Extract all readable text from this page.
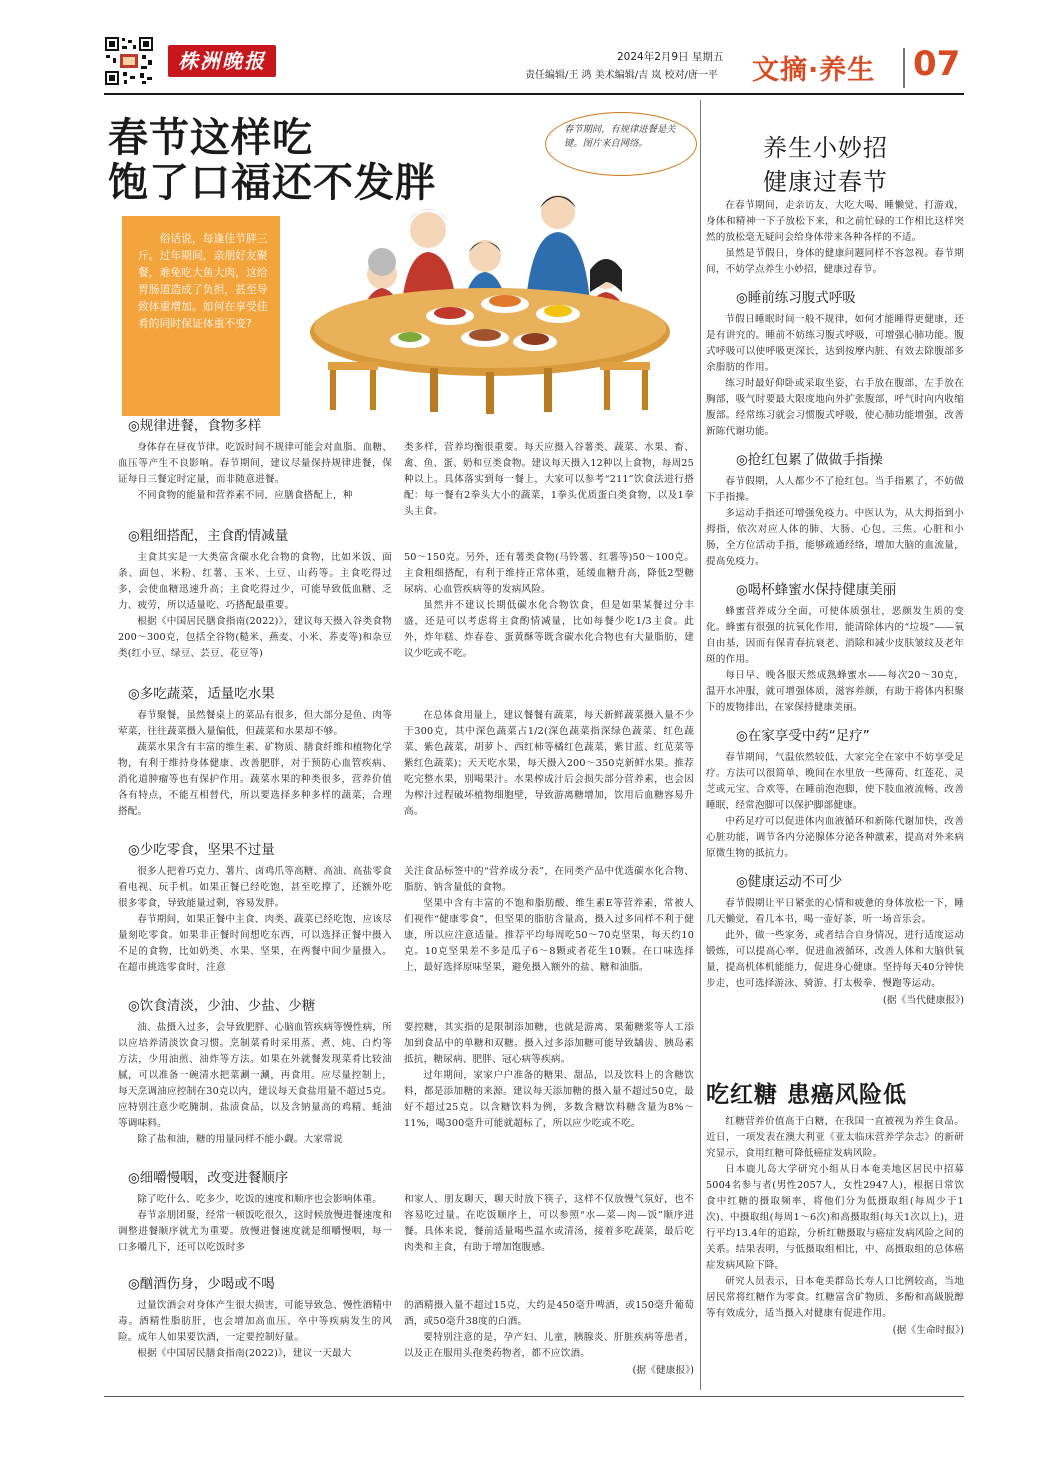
株洲晚报	2024年2月9日 星期五
责任编辑/王 鸿 美术编辑/吉 岚 校对/唐一平 文摘·养生 07
春节这样吃
饱了口福还不发胖
春节期间，有规律进餐是关键。图片来自网络。

俗话说，每逢佳节胖三斤。过年期间，亲朋好友聚餐，难免吃大鱼大肉，这给胃肠道造成了负担，甚至导致体重增加。如何在享受佳肴的同时保证体重不变?

◎规律进餐，食物多样

身体存在昼夜节律。吃饭时间不规律可能会对血脂、血糖、血压等产生不良影响。春节期间，建议尽量保持规律进餐，保证每日三餐定时定量，而非随意进餐。

不同食物的能量和营养素不同，应膳食搭配上，种

类多样，营养均衡很重要。每天应摄入谷薯类、蔬菜、水果、畜、禽、鱼、蛋、奶和豆类食物。建议每天摄入12种以上食物，每周25种以上。具体落实到每一餐上，大家可以参考“211”饮食法进行搭配：每一餐有2拳头大小的蔬菜，1拳头优质蛋白类食物，以及1拳头主食。

◎粗细搭配，主食酌情减量

主食其实是一大类富含碳水化合物的食物，比如米饭、面条、面包、米粉、红薯、玉米、土豆、山药等。主食吃得过多，会使血糖迅速升高；主食吃得过少，可能导致低血糖、乏力、疲劳，所以适量吃、巧搭配最重要。

根据《中国居民膳食指南(2022)》，建议每天摄入谷类食物200～300克，包括全谷物(糙米、燕麦、小米、荞麦等)和杂豆类(红小豆、绿豆、芸豆、花豆等)

50～150克。另外，还有薯类食物(马铃薯、红薯等)50～100克。主食粗细搭配，有利于维持正常体重，延缓血糖升高，降低2型糖尿病、心血管疾病等的发病风险。

虽然并不建议长期低碳水化合物饮食，但是如果某餐过分丰盛，还是可以考虑将主食酌情减量，比如每餐少吃1/3主食。此外，炸年糕、炸春卷、蛋黄酥等既含碳水化合物也有大量脂肪，建议少吃或不吃。

◎多吃蔬菜，适量吃水果

春节聚餐，虽然餐桌上的菜品有很多，但大部分是鱼、肉等荤菜，往往蔬菜摄入量偏低，但蔬菜和水果却不够。

蔬菜水果含有丰富的维生素、矿物质、膳食纤维和植物化学物，有利于维持身体健康、改善肥胖，对于预防心血管疾病、消化道肿瘤等也有保护作用。蔬菜水果的种类很多，营养价值各有特点，不能互相替代，所以要选择多种多样的蔬菜，合理搭配。

在总体食用量上，建议餐餐有蔬菜，每天新鲜蔬菜摄入量不少于300克，其中深色蔬菜占1/2(深色蔬菜指深绿色蔬菜、红色蔬菜、紫色蔬菜，胡萝卜、西红柿等橘红色蔬菜，紫甘蓝、红苋菜等紫红色蔬菜)；天天吃水果，每天摄入200～350克新鲜水果。推荐吃完整水果，别喝果汁。水果榨成汁后会损失部分营养素，也会因为榨汁过程破坏植物细胞壁，导致游离糖增加，饮用后血糖容易升高。

◎少吃零食，坚果不过量

很多人把着巧克力、薯片、卤鸡爪等高糖、高油、高盐零食看电视、玩手机。如果正餐已经吃饱，甚至吃撑了，还额外吃很多零食，导致能量过剩，容易发胖。

春节期间，如果正餐中主食、肉类、蔬菜已经吃饱，应该尽量刻吃零食。如果非正餐时间想吃东西，可以选择正餐中摄入不足的食物，比如奶类、水果、坚果，在两餐中间少量摄入。在超市挑选零食时，注意

关注食品标签中的“营养成分表”，在同类产品中优选碳水化合物、脂肪、钠含量低的食物。

坚果中含有丰富的不饱和脂肪酸、维生素E等营养素，常被人们视作“健康零食”，但坚果的脂肪含量高，摄入过多同样不利于健康，所以应注意适量。推荐平均每周吃50～70克坚果，每天约10克。10克坚果差不多是瓜子6～8颗或者花生10颗。在口味选择上，最好选择原味坚果，避免摄入额外的盐、糖和油脂。

◎饮食清淡，少油、少盐、少糖

油、盐摄入过多，会导致肥胖、心脑血管疾病等慢性病，所以应培养清淡饮食习惯。烹制菜肴时采用蒸、煮、炖、白灼等方法，少用油煎、油炸等方法。如果在外就餐发现菜肴比较油腻，可以准备一碗清水把菜涮一涮，再食用。应尽量控制上，每天烹调油应控制在30克以内，建议每天食盐用量不超过5克。应特别注意少吃腌制、盐渍食品，以及含钠量高的鸡精、蚝油等调味料。

除了盐和油，糖的用量同样不能小觑。大家常说

要控糖，其实指的是限制添加糖，也就是游离、果葡糖浆等人工添加到食品中的单糖和双糖。摄入过多添加糖可能导致龋齿、胰岛素抵抗，糖尿病、肥胖、冠心病等疾病。

过年期间，家家户户准备的糖果、甜品，以及饮料上的含糖饮料，都是添加糖的来源。建议每天添加糖的摄入量不超过50克，最好不超过25克。以含糖饮料为例，多数含糖饮料糖含量为8%～11%，喝300毫升可能就超标了，所以应少吃或不吃。

◎细嚼慢咽，改变进餐顺序

除了吃什么、吃多少，吃饭的速度和顺序也会影响体重。

春节亲朋团聚，经常一顿饭吃很久，这时候放慢进餐速度和调整进餐顺序就尤为重要。放慢进餐速度就是细嚼慢咽，每一口多嚼几下，还可以吃饭时多

和家人、朋友聊天，聊天时放下筷子，这样不仅放慢气氛好，也不容易吃过量。在吃饭顺序上，可以参照“水—菜—肉—饭”顺序进餐。具体来说，餐前适量喝些温水或清汤，接着多吃蔬菜，最后吃肉类和主食，有助于增加饱腹感。

◎酗酒伤身，少喝或不喝

过量饮酒会对身体产生很大损害，可能导致急、慢性酒精中毒。酒精性脂肪肝，也会增加高血压、卒中等疾病发生的风险。成年人如果要饮酒，一定要控制好量。

根据《中国居民膳食指南(2022)》，建议一天最大

的酒精摄入量不超过15克，大约是450毫升啤酒，或150毫升葡萄酒，或50毫升38度的白酒。

要特别注意的是，孕产妇、儿童，胰腺炎、肝脏疾病等患者，以及正在服用头孢类药物者，都不应饮酒。

(据《健康报》)
养生小妙招
健康过春节

在春节期间，走亲访友、大吃大喝、睡懒觉、打游戏，身体和精神一下子放松下来，和之前忙碌的工作相比这样突然的放松毫无疑问会给身体带来各种各样的不适。

虽然是节假日，身体的健康问题同样不容忽视。春节期间，不妨学点养生小妙招，健康过春节。

◎睡前练习腹式呼吸

节假日睡眠时间一般不规律，如何才能睡得更健康，还是有讲究的。睡前不妨练习腹式呼吸，可增强心肺功能。腹式呼吸可以使呼吸更深长，达到按摩内脏、有效去除腹部多余脂肪的作用。

练习时最好仰卧或采取坐姿，右手放在腹部，左手放在胸部，吸气时要最大限度地向外扩张腹部，呼气时向内收缩腹部。经常练习就会习惯腹式呼吸，使心肺功能增强，改善新陈代谢功能。

◎抢红包累了做做手指操

春节假期，人人都少不了抢红包。当手指累了，不妨做下手指操。

多运动手指还可增强免疫力。中医认为，从大拇指到小拇指，依次对应人体的肺、大肠、心包、三焦、心脏和小肠，全方位活动手指，能够疏通经络，增加大脑的血流量，提高免疫力。

◎喝杯蜂蜜水保持健康美丽

蜂蜜营养成分全面，可使体质强壮，恶颜发生质的变化。蜂蜜有很强的抗氧化作用，能清除体内的“垃圾”——氧自由基，因而有保青春抗衰老、消除和减少皮肤皱纹及老年斑的作用。

每日早、晚各服天然成熟蜂蜜水——每次20～30克，温开水冲服，就可增强体质，滋容养颜，有助于将体内积聚下的废物排出，在家保持健康美丽。

◎在家享受中药“足疗”

春节期间，气温依然较低，大家完全在家中不妨享受足疗。方法可以很简单，晚间在水里放一些薄荷、红莲花、灵芝或元宝、合欢等，在睡前泡泡脚，使下肢血液流畅、改善睡眠，经常泡脚可以保护脚部健康。

中药足疗可以促进体内血液循环和新陈代谢加快，改善心脏功能，调节各内分泌腺体分泌各种激素，提高对外来病原微生物的抵抗力。

◎健康运动不可少

春节假期让平日紧张的心情和疲惫的身体放松一下，睡几天懒觉，看几本书，喝一壶好茶，听一场音乐会。

此外，做一些家务，或者结合自身情况，进行适度运动锻炼，可以提高心率，促进血液循环，改善人体和大脑供氧量，提高机体机能能力，促进身心健康。坚持每天40分钟快步走，也可选择游泳、骑游、打太极拳、慢跑等运动。

(据《当代健康报》)
吃红糖 患癌风险低

红糖营养价值高于白糖，在我国一直被视为养生食品。近日，一项发表在澳大利亚《亚太临床营养学杂志》的新研究显示，食用红糖可降低癌症发病风险。

日本鹿儿岛大学研究小组从日本奄美地区居民中招募5004名参与者(男性2057人，女性2947人)，根据日常饮食中红糖的摄取频率，将他们分为低摄取组(每周少于1次)、中摄取组(每周1～6次)和高摄取组(每天1次以上)，进行平均13.4年的追踪，分析红糖摄取与癌症发病风险之间的关系。结果表明，与低摄取组相比，中、高摄取组的总体癌症发病风险下降。

研究人员表示，日本奄美群岛长寿人口比例较高，当地居民常将红糖作为零食。红糖富含矿物质、多酚和高級脱醇等有效成分，适当摄入对健康有促进作用。

(据《生命时报》)
